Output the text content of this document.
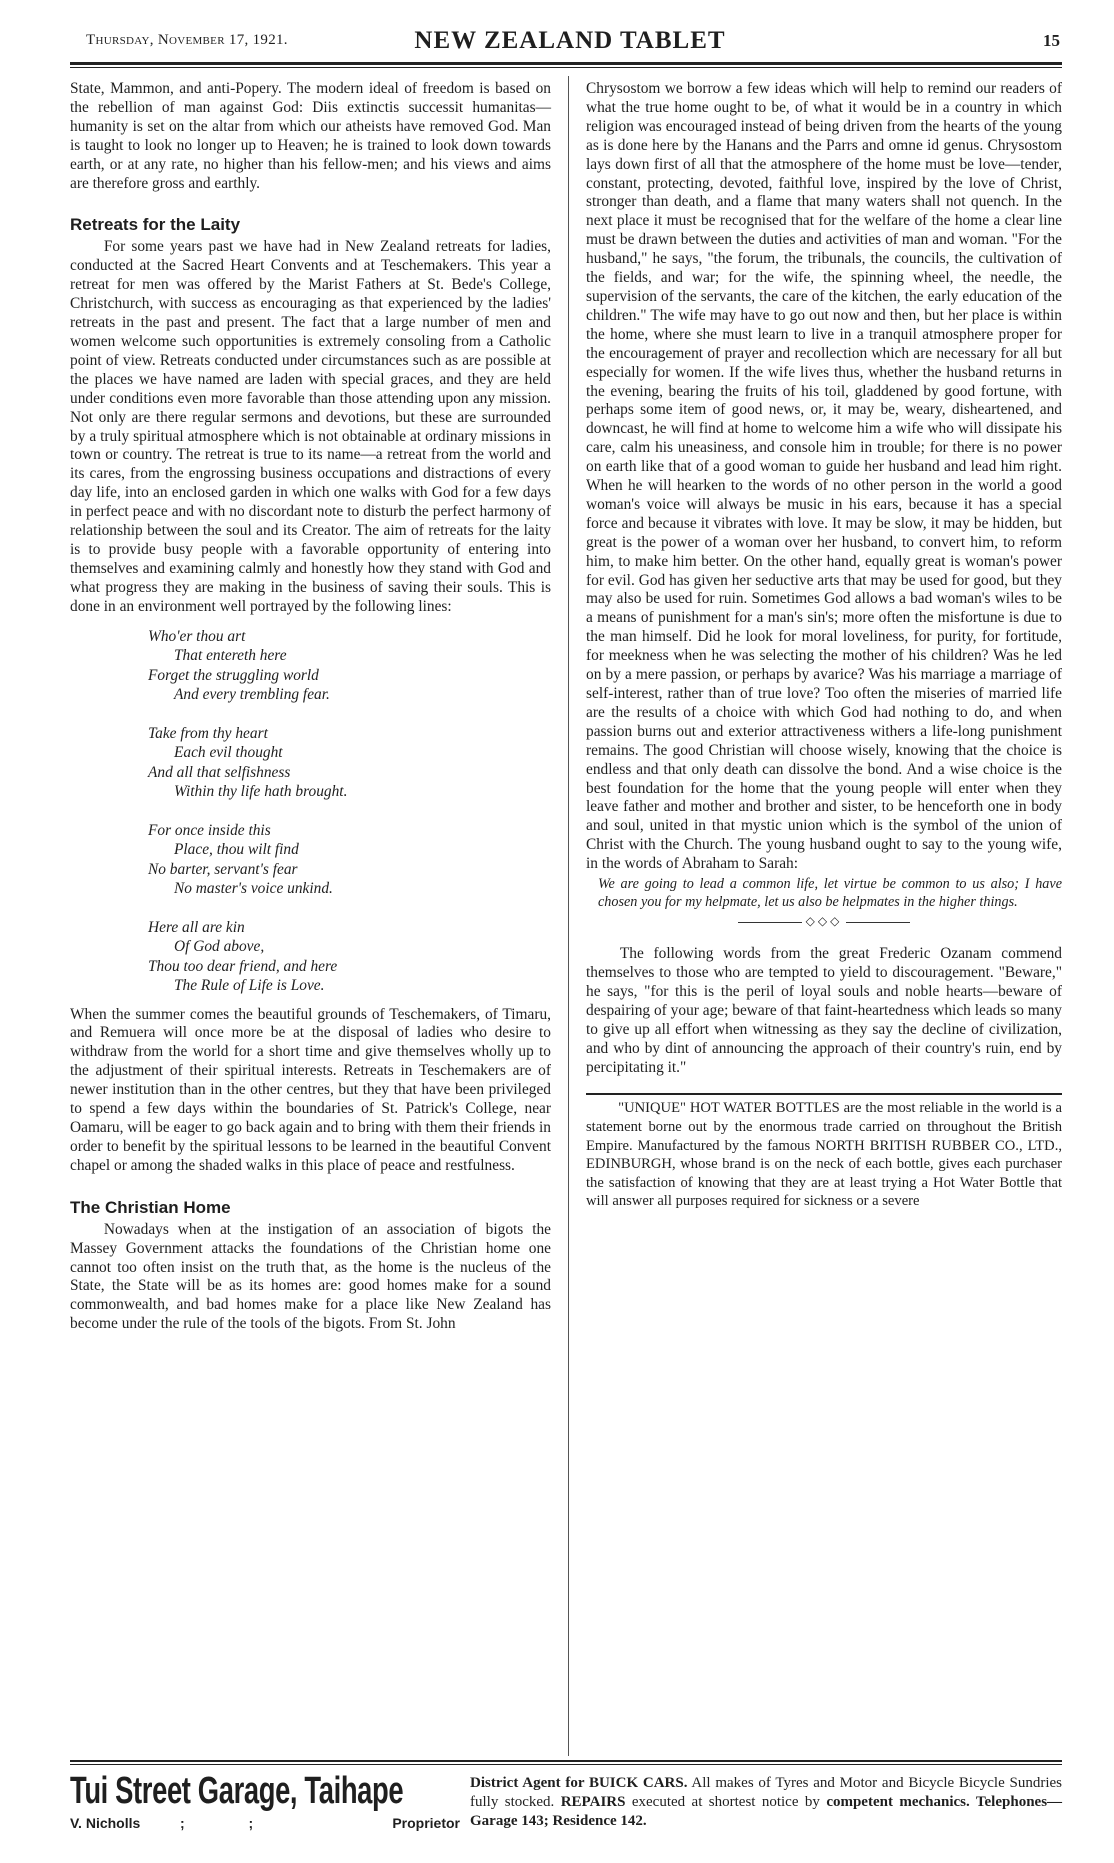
Thursday, November 17, 1921.	NEW ZEALAND TABLET	15

State, Mammon, and anti-Popery. The modern ideal of freedom is based on the rebellion of man against God: Diis extinctis successit humanitas—humanity is set on the altar from which our atheists have removed God. Man is taught to look no longer up to Heaven; he is trained to look down towards earth, or at any rate, no higher than his fellow-men; and his views and aims are therefore gross and earthly.

Retreats for the Laity

For some years past we have had in New Zealand retreats for ladies, conducted at the Sacred Heart Convents and at Teschemakers. This year a retreat for men was offered by the Marist Fathers at St. Bede's College, Christchurch, with success as encouraging as that experienced by the ladies' retreats in the past and present. The fact that a large number of men and women welcome such opportunities is extremely consoling from a Catholic point of view. Retreats conducted under circumstances such as are possible at the places we have named are laden with special graces, and they are held under conditions even more favorable than those attending upon any mission. Not only are there regular sermons and devotions, but these are surrounded by a truly spiritual atmosphere which is not obtainable at ordinary missions in town or country. The retreat is true to its name—a retreat from the world and its cares, from the engrossing business occupations and distractions of every day life, into an enclosed garden in which one walks with God for a few days in perfect peace and with no discordant note to disturb the perfect harmony of relationship between the soul and its Creator. The aim of retreats for the laity is to provide busy people with a favorable opportunity of entering into themselves and examining calmly and honestly how they stand with God and what progress they are making in the business of saving their souls. This is done in an environment well portrayed by the following lines:

Who'er thou art
That entereth here
Forget the struggling world
And every trembling fear.
Take from thy heart
Each evil thought
And all that selfishness
Within thy life hath brought.
For once inside this
Place, thou wilt find
No barter, servant's fear
No master's voice unkind.
Here all are kin
Of God above,
Thou too dear friend, and here
The Rule of Life is Love.

When the summer comes the beautiful grounds of Teschemakers, of Timaru, and Remuera will once more be at the disposal of ladies who desire to withdraw from the world for a short time and give themselves wholly up to the adjustment of their spiritual interests. Retreats in Teschemakers are of newer institution than in the other centres, but they that have been privileged to spend a few days within the boundaries of St. Patrick's College, near Oamaru, will be eager to go back again and to bring with them their friends in order to benefit by the spiritual lessons to be learned in the beautiful Convent chapel or among the shaded walks in this place of peace and restfulness.

The Christian Home

Nowadays when at the instigation of an association of bigots the Massey Government attacks the foundations of the Christian home one cannot too often insist on the truth that, as the home is the nucleus of the State, the State will be as its homes are: good homes make for a sound commonwealth, and bad homes make for a place like New Zealand has become under the rule of the tools of the bigots. From St. John

Chrysostom we borrow a few ideas which will help to remind our readers of what the true home ought to be, of what it would be in a country in which religion was encouraged instead of being driven from the hearts of the young as is done here by the Hanans and the Parrs and omne id genus. Chrysostom lays down first of all that the atmosphere of the home must be love—tender, constant, protecting, devoted, faithful love, inspired by the love of Christ, stronger than death, and a flame that many waters shall not quench. In the next place it must be recognised that for the welfare of the home a clear line must be drawn between the duties and activities of man and woman. "For the husband," he says, "the forum, the tribunals, the councils, the cultivation of the fields, and war; for the wife, the spinning wheel, the needle, the supervision of the servants, the care of the kitchen, the early education of the children." The wife may have to go out now and then, but her place is within the home, where she must learn to live in a tranquil atmosphere proper for the encouragement of prayer and recollection which are necessary for all but especially for women. If the wife lives thus, whether the husband returns in the evening, bearing the fruits of his toil, gladdened by good fortune, with perhaps some item of good news, or, it may be, weary, disheartened, and downcast, he will find at home to welcome him a wife who will dissipate his care, calm his uneasiness, and console him in trouble; for there is no power on earth like that of a good woman to guide her husband and lead him right. When he will hearken to the words of no other person in the world a good woman's voice will always be music in his ears, because it has a special force and because it vibrates with love. It may be slow, it may be hidden, but great is the power of a woman over her husband, to convert him, to reform him, to make him better. On the other hand, equally great is woman's power for evil. God has given her seductive arts that may be used for good, but they may also be used for ruin. Sometimes God allows a bad woman's wiles to be a means of punishment for a man's sin's; more often the misfortune is due to the man himself. Did he look for moral loveliness, for purity, for fortitude, for meekness when he was selecting the mother of his children? Was he led on by a mere passion, or perhaps by avarice? Was his marriage a marriage of self-interest, rather than of true love? Too often the miseries of married life are the results of a choice with which God had nothing to do, and when passion burns out and exterior attractiveness withers a life-long punishment remains. The good Christian will choose wisely, knowing that the choice is endless and that only death can dissolve the bond. And a wise choice is the best foundation for the home that the young people will enter when they leave father and mother and brother and sister, to be henceforth one in body and soul, united in that mystic union which is the symbol of the union of Christ with the Church. The young husband ought to say to the young wife, in the words of Abraham to Sarah:

We are going to lead a common life, let virtue be common to us also; I have chosen you for my helpmate, let us also be helpmates in the higher things.

◇◇◇

The following words from the great Frederic Ozanam commend themselves to those who are tempted to yield to discouragement. "Beware," he says, "for this is the peril of loyal souls and noble hearts—beware of despairing of your age; beware of that faint-heartedness which leads so many to give up all effort when witnessing as they say the decline of civilization, and who by dint of announcing the approach of their country's ruin, end by percipitating it."

"UNIQUE" HOT WATER BOTTLES are the most reliable in the world is a statement borne out by the enormous trade carried on throughout the British Empire. Manufactured by the famous NORTH BRITISH RUBBER CO., LTD., EDINBURGH, whose brand is on the neck of each bottle, gives each purchaser the satisfaction of knowing that they are at least trying a Hot Water Bottle that will answer all purposes required for sickness or a severe

Tui Street Garage, Taihape
V. Nicholls	; ;	Proprietor
District Agent for BUICK CARS. All makes of Tyres and Motor and Bicycle Bicycle Sundries fully stocked. REPAIRS executed at shortest notice by competent mechanics. Telephones—Garage 143; Residence 142.
